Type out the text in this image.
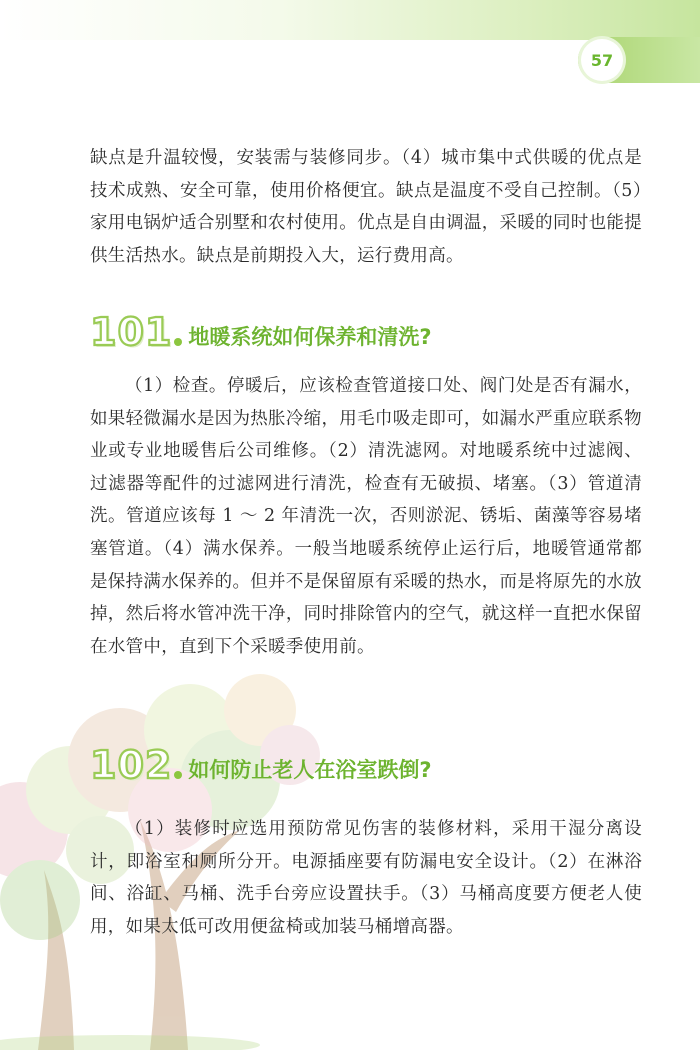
57

缺点是升温较慢，安装需与装修同步。（4）城市集中式供暖的优点是技术成熟、安全可靠，使用价格便宜。缺点是温度不受自己控制。（5）家用电锅炉适合别墅和农村使用。优点是自由调温，采暖的同时也能提供生活热水。缺点是前期投入大，运行费用高。

101 地暖系统如何保养和清洗?

（1）检查。停暖后，应该检查管道接口处、阀门处是否有漏水，如果轻微漏水是因为热胀冷缩，用毛巾吸走即可，如漏水严重应联系物业或专业地暖售后公司维修。（2）清洗滤网。对地暖系统中过滤阀、过滤器等配件的过滤网进行清洗，检查有无破损、堵塞。（3）管道清洗。管道应该每 1 ～ 2 年清洗一次，否则淤泥、锈垢、菌藻等容易堵塞管道。（4）满水保养。一般当地暖系统停止运行后，地暖管通常都是保持满水保养的。但并不是保留原有采暖的热水，而是将原先的水放掉，然后将水管冲洗干净，同时排除管内的空气，就这样一直把水保留在水管中，直到下个采暖季使用前。

102 如何防止老人在浴室跌倒?

（1）装修时应选用预防常见伤害的装修材料，采用干湿分离设计，即浴室和厕所分开。电源插座要有防漏电安全设计。（2）在淋浴间、浴缸、马桶、洗手台旁应设置扶手。（3）马桶高度要方便老人使用，如果太低可改用便盆椅或加装马桶增高器。
